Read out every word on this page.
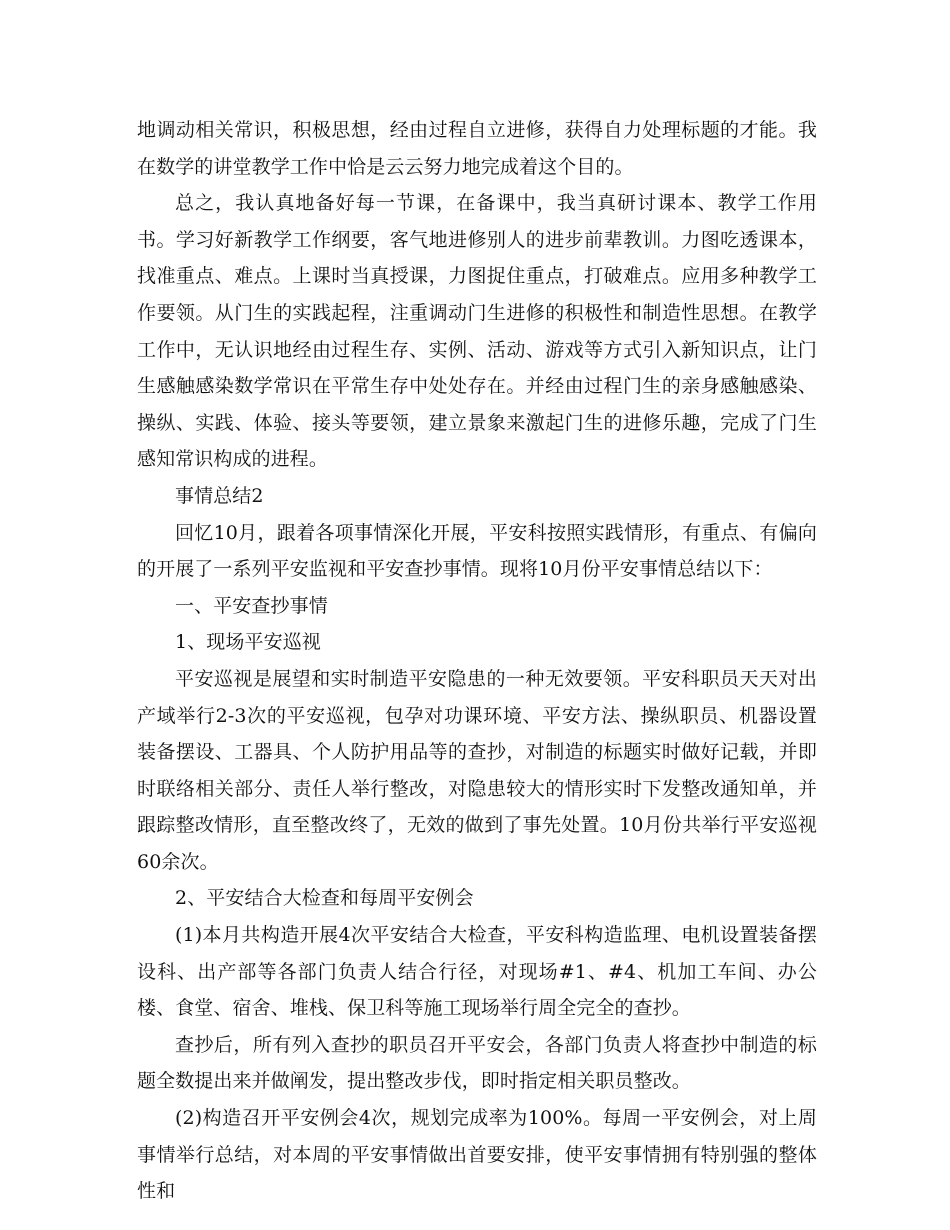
地调动相关常识，积极思想，经由过程自立进修，获得自力处理标题的才能。我在数学的讲堂教学工作中恰是云云努力地完成着这个目的。

总之，我认真地备好每一节课，在备课中，我当真研讨课本、教学工作用书。学习好新教学工作纲要，客气地进修别人的进步前辈教训。力图吃透课本，找准重点、难点。上课时当真授课，力图捉住重点，打破难点。应用多种教学工作要领。从门生的实践起程，注重调动门生进修的积极性和制造性思想。在教学工作中，无认识地经由过程生存、实例、活动、游戏等方式引入新知识点，让门生感触感染数学常识在平常生存中处处存在。并经由过程门生的亲身感触感染、操纵、实践、体验、接头等要领，建立景象来激起门生的进修乐趣，完成了门生感知常识构成的进程。

事情总结2

回忆10月，跟着各项事情深化开展，平安科按照实践情形，有重点、有偏向的开展了一系列平安监视和平安查抄事情。现将10月份平安事情总结以下：

一、平安查抄事情

1、现场平安巡视

平安巡视是展望和实时制造平安隐患的一种无效要领。平安科职员天天对出产域举行2-3次的平安巡视，包孕对功课环境、平安方法、操纵职员、机器设置装备摆设、工器具、个人防护用品等的查抄，对制造的标题实时做好记载，并即时联络相关部分、责任人举行整改，对隐患较大的情形实时下发整改通知单，并跟踪整改情形，直至整改终了，无效的做到了事先处置。10月份共举行平安巡视60余次。

2、平安结合大检查和每周平安例会

(1)本月共构造开展4次平安结合大检查，平安科构造监理、电机设置装备摆设科、出产部等各部门负责人结合行径，对现场#1、#4、机加工车间、办公楼、食堂、宿舍、堆栈、保卫科等施工现场举行周全完全的查抄。

查抄后，所有列入查抄的职员召开平安会，各部门负责人将查抄中制造的标题全数提出来并做阐发，提出整改步伐，即时指定相关职员整改。

(2)构造召开平安例会4次，规划完成率为100%。每周一平安例会，对上周事情举行总结，对本周的平安事情做出首要安排，使平安事情拥有特别强的整体性和
